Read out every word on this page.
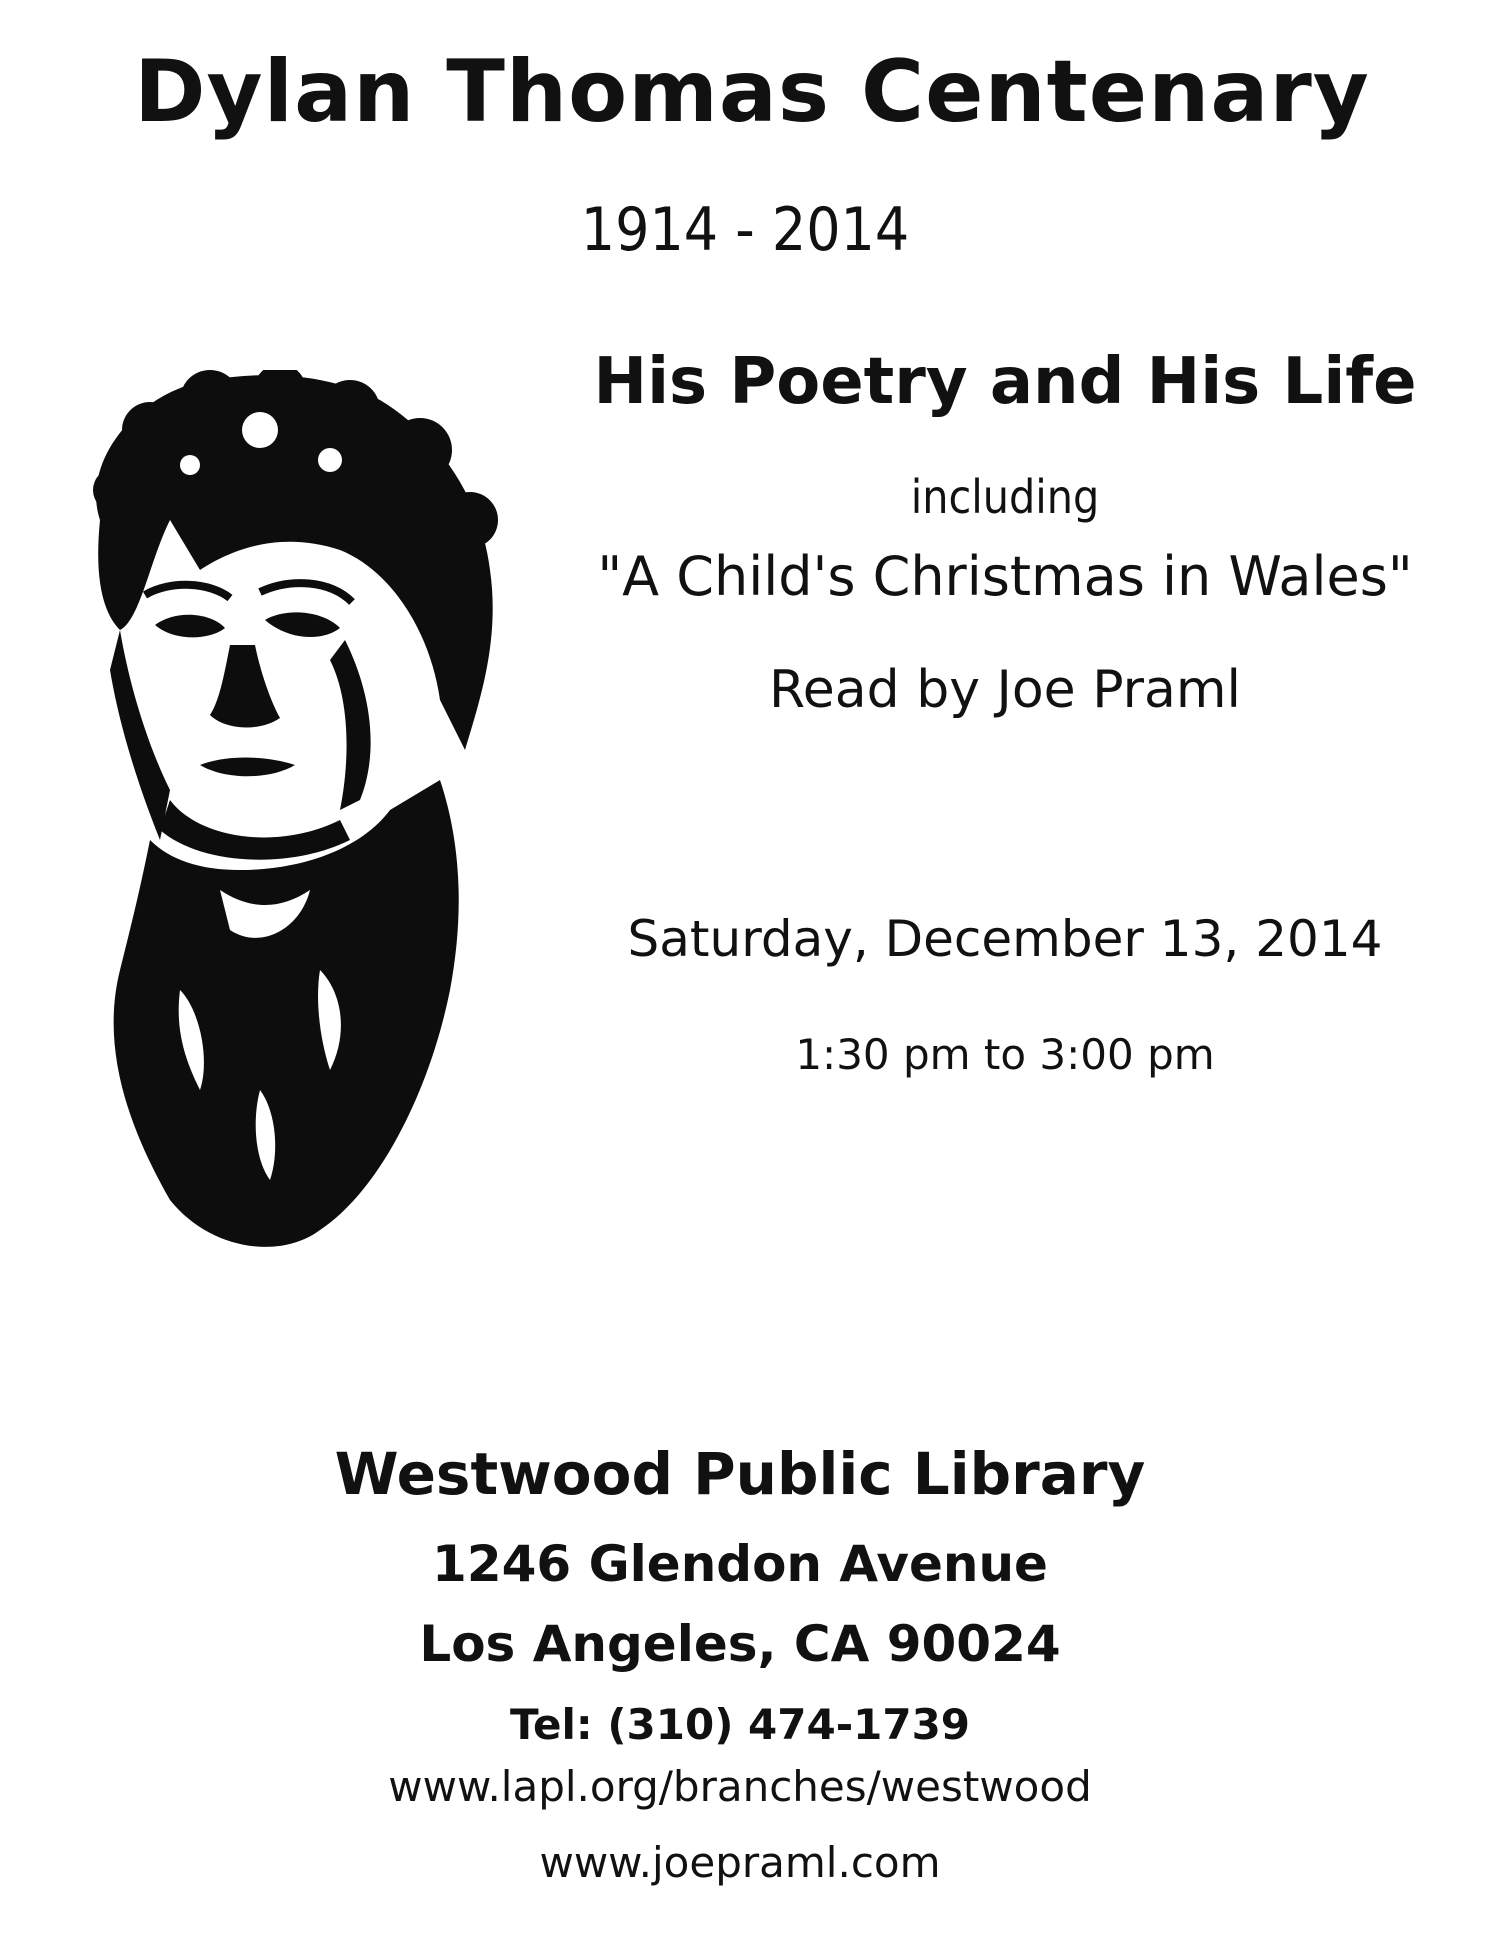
Dylan Thomas Centenary
1914 - 2014
His Poetry and His Life
including
"A Child's Christmas in Wales"
Read by Joe Praml
Saturday, December 13, 2014
1:30 pm to 3:00 pm
Westwood Public Library
1246 Glendon Avenue
Los Angeles, CA 90024
Tel: (310) 474-1739
www.lapl.org/branches/westwood
www.joepraml.com
